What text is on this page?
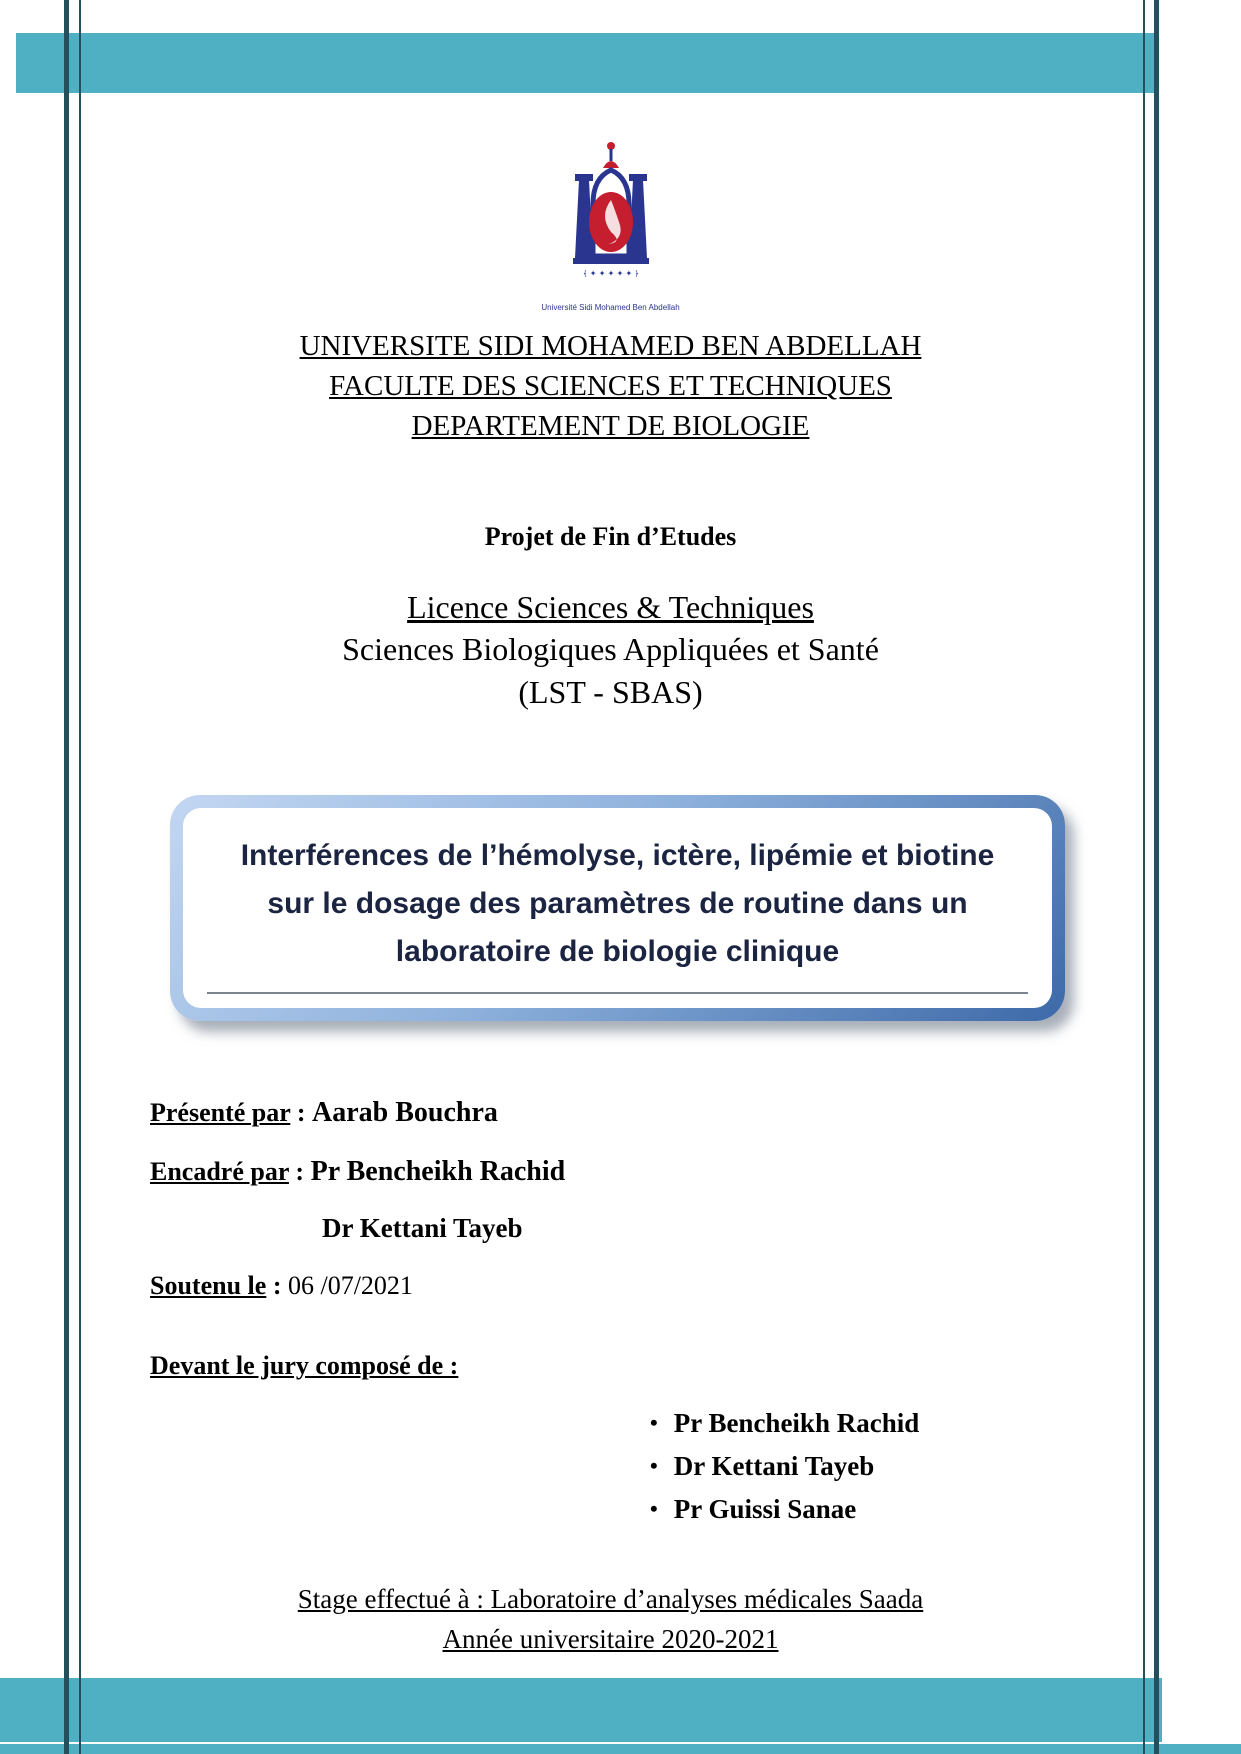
﴾ ✦ ✦ ✦ ✦ ✦ ﴿
Université Sidi Mohamed Ben Abdellah
UNIVERSITE SIDI MOHAMED BEN ABDELLAH
FACULTE DES SCIENCES ET TECHNIQUES
DEPARTEMENT DE BIOLOGIE
Projet de Fin d’Etudes
Licence Sciences & Techniques
Sciences Biologiques Appliquées et Santé
(LST - SBAS)
Interférences de l’hémolyse, ictère, lipémie et biotine
sur le dosage des paramètres de routine dans un
laboratoire de biologie clinique
Présenté par : Aarab Bouchra
Encadré par : Pr Bencheikh Rachid
Dr Kettani Tayeb
Soutenu le : 06 /07/2021
Devant le jury composé de :
• Pr Bencheikh Rachid
• Dr Kettani Tayeb
• Pr Guissi Sanae
Stage effectué à : Laboratoire d’analyses médicales Saada
Année universitaire 2020-2021
